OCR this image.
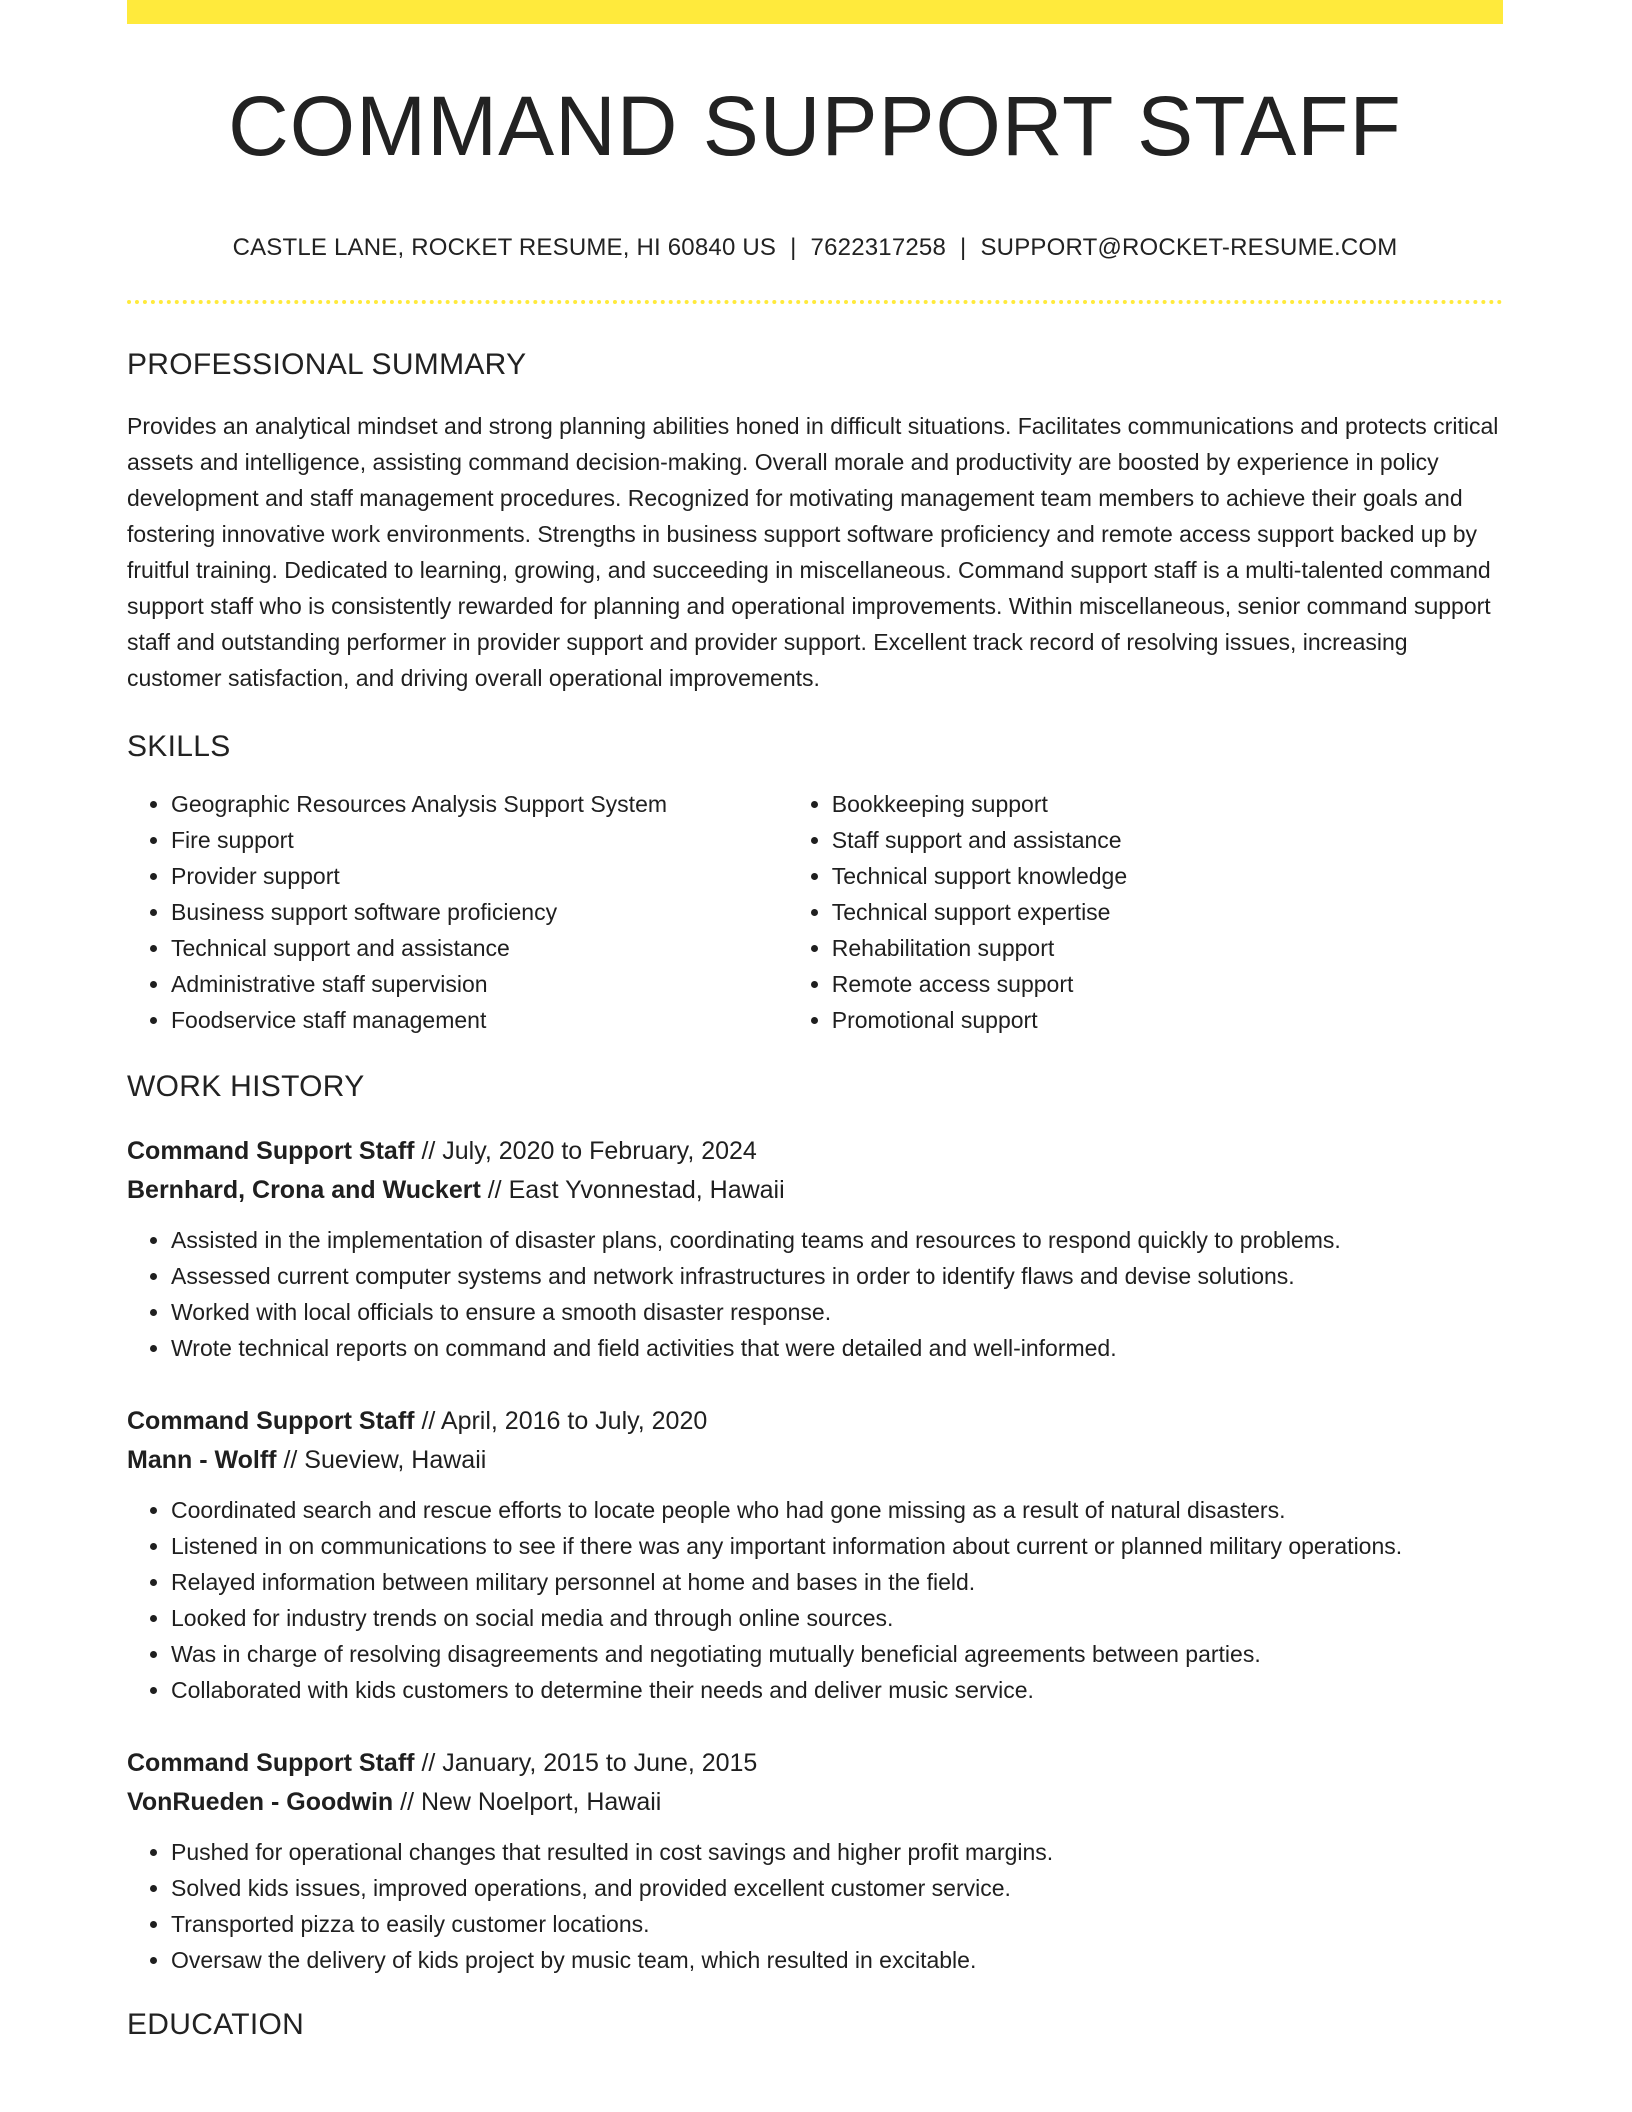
COMMAND SUPPORT STAFF
CASTLE LANE, ROCKET RESUME, HI 60840 US | 7622317258 | SUPPORT@ROCKET-RESUME.COM
PROFESSIONAL SUMMARY
Provides an analytical mindset and strong planning abilities honed in difficult situations. Facilitates communications and protects critical assets and intelligence, assisting command decision-making. Overall morale and productivity are boosted by experience in policy development and staff management procedures. Recognized for motivating management team members to achieve their goals and fostering innovative work environments. Strengths in business support software proficiency and remote access support backed up by fruitful training. Dedicated to learning, growing, and succeeding in miscellaneous. Command support staff is a multi-talented command support staff who is consistently rewarded for planning and operational improvements. Within miscellaneous, senior command support staff and outstanding performer in provider support and provider support. Excellent track record of resolving issues, increasing customer satisfaction, and driving overall operational improvements.
SKILLS
• Geographic Resources Analysis Support System
• Fire support
• Provider support
• Business support software proficiency
• Technical support and assistance
• Administrative staff supervision
• Foodservice staff management
• Bookkeeping support
• Staff support and assistance
• Technical support knowledge
• Technical support expertise
• Rehabilitation support
• Remote access support
• Promotional support
WORK HISTORY
Command Support Staff // July, 2020 to February, 2024
Bernhard, Crona and Wuckert // East Yvonnestad, Hawaii
• Assisted in the implementation of disaster plans, coordinating teams and resources to respond quickly to problems.
• Assessed current computer systems and network infrastructures in order to identify flaws and devise solutions.
• Worked with local officials to ensure a smooth disaster response.
• Wrote technical reports on command and field activities that were detailed and well-informed.
Command Support Staff // April, 2016 to July, 2020
Mann - Wolff // Sueview, Hawaii
• Coordinated search and rescue efforts to locate people who had gone missing as a result of natural disasters.
• Listened in on communications to see if there was any important information about current or planned military operations.
• Relayed information between military personnel at home and bases in the field.
• Looked for industry trends on social media and through online sources.
• Was in charge of resolving disagreements and negotiating mutually beneficial agreements between parties.
• Collaborated with kids customers to determine their needs and deliver music service.
Command Support Staff // January, 2015 to June, 2015
VonRueden - Goodwin // New Noelport, Hawaii
• Pushed for operational changes that resulted in cost savings and higher profit margins.
• Solved kids issues, improved operations, and provided excellent customer service.
• Transported pizza to easily customer locations.
• Oversaw the delivery of kids project by music team, which resulted in excitable.
EDUCATION
